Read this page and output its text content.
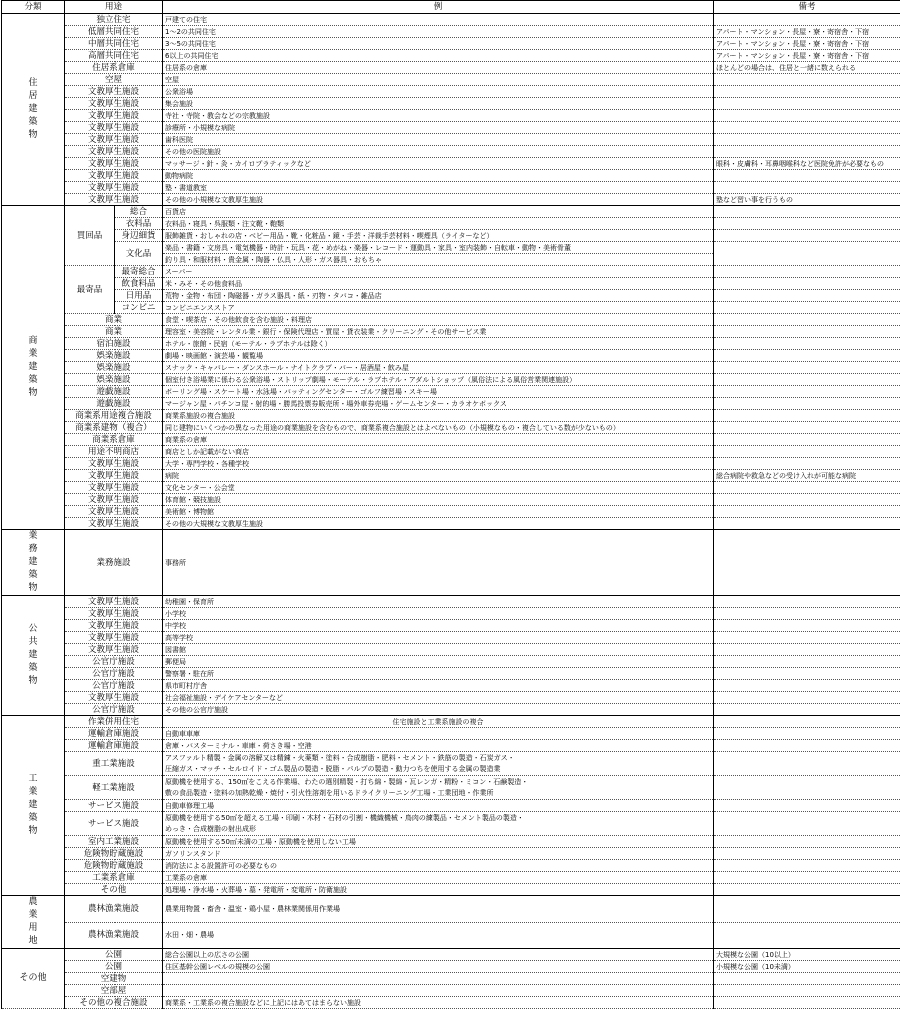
分類	用途		例	備考

住居建築物	独立住宅		戸建ての住宅	

	低層共同住宅		1～2の共同住宅	アパート・マンション・長屋・寮・寄宿舎・下宿
	中層共同住宅		3～5の共同住宅	アパート・マンション・長屋・寮・寄宿舎・下宿
	高層共同住宅		6以上の共同住宅	アパート・マンション・長屋・寮・寄宿舎・下宿
	住居系倉庫		住居系の倉庫	ほとんどの場合は、住居と一緒に数えられる
	空屋		空屋	

	文教厚生施設		公衆浴場	

	文教厚生施設		集会施設	

	文教厚生施設		寺社・寺院・教会などの宗教施設	

	文教厚生施設		診療所・小規模な病院	

	文教厚生施設		歯科医院	

	文教厚生施設		その他の医院施設	

	文教厚生施設		マッサージ・針・灸・カイロプラティックなど	眼科・皮膚科・耳鼻咽喉科など医院免許が必要なもの
	文教厚生施設		動物病院	

	文教厚生施設		塾・書道教室	

	文教厚生施設		その他の小規模な文教厚生施設	塾など習い事を行うもの

商業建築物	買回品	総合	百貨店	
		衣料品	衣料品・寝具・呉服類・注文靴・鞄類	
		身辺細貨	服飾雑貨・おしゃれの店・ベビー用品・靴・化粧品・鏡・手芸・洋裁手芸材料・喫煙具（ライターなど）	
		文化品	楽品・書籍・文房具・電気機器・時計・玩具・花・めがね・楽器・レコード・運動具・家具・室内装飾・自転車・動物・美術骨董	
			釣り具・和服材料・貴金属・陶器・仏具・人形・ガス器具・おもちゃ	
	最寄品	最寄総合	スーパー	
		飲食料品	米・みそ・その他食料品	
		日用品	荒物・金物・布団・陶磁器・ガラス器具・紙・刃物・タバコ・雑品店	
		コンビニ	コンビニエンスストア	
	商業		食堂・喫茶店・その他飲食を含む施設・料理店	

	商業		理容室・美容院・レンタル業・銀行・保険代理店・質屋・貸衣装業・クリーニング・その他サービス業	

	宿泊施設		ホテル・旅館・民宿（モーテル・ラブホテルは除く）	

	娯楽施設		劇場・映画館・演芸場・観覧場	

	娯楽施設		スナック・キャバレー・ダンスホール・ナイトクラブ・バー・居酒屋・飲み屋	

	娯楽施設		個室付き浴場業に係わる公衆浴場・ストリップ劇場・モーテル・ラブホテル・アダルトショップ（風俗法による風俗営業関連施設）	

	遊戯施設		ボーリング場・スケート場・水泳場・バッティングセンター・ゴルフ練習場・スキー場	

	遊戯施設		マージャン屋・パチンコ屋・射的場・勝馬投票券販売所・場外車券売場・ゲームセンター・カラオケボックス	

	商業系用途複合施設		商業系施設の複合施設	

	商業系建物（複合）		同じ建物にいくつかの異なった用途の商業施設を含むもので、商業系複合施設とはよべないもの（小規模なもの・複合している数が少ないもの）	

	商業系倉庫		商業系の倉庫	

	用途不明商店		商店としか記載がない商店	

	文教厚生施設		大学・専門学校・各種学校	

	文教厚生施設		病院	総合病院や救急などの受け入れが可能な病院
	文教厚生施設		文化センター・公会堂	

	文教厚生施設		体育館・競技施設	

	文教厚生施設		美術館・博物館	

	文教厚生施設		その他の大規模な文教厚生施設	

業務建築物	業務施設		事務所	

公共建築物	文教厚生施設		幼稚園・保育所	

	文教厚生施設		小学校	

	文教厚生施設		中学校	

	文教厚生施設		高等学校	

	文教厚生施設		図書館	

	公官庁施設		郵便局	

	公官庁施設		警察署・駐在所	

	公官庁施設		県市町村庁舎	

	文教厚生施設		社会福祉施設・デイケアセンターなど	

	公官庁施設		その他の公官庁施設	

工業建築物	作業併用住宅		住宅施設と工業系施設の複合	

	運輸倉庫施設		自動車車庫	

	運輸倉庫施設		倉庫・バスターミナル・車庫・荷さき場・空港	

	重工業施設		アスファルト精製・金属の溶解又は精錬・火薬類・塗料・合成樹脂・肥料・セメント・鉄筋の製造・石炭ガス・
圧縮ガス・マッチ・セルロイド・ゴム製品の製造・脱脂・パルプの製造・動力つちを使用する金属の製造業	

	軽工業施設		原動機を使用する、150㎡をこえる作業場、わたの選別精製・打ち綿・製綿・瓦レンガ・精粉・ミコン・石鹸製造・
敷の食品製造・塗料の加熱乾燥・焼付・引火性溶剤を用いるドライクリーニング工場・工業団地・作業所	

	サービス施設		自動車修理工場	

	サービス施設		原動機を使用する50㎡を超える工場・印刷・木材・石材の引割・機織機械・鳥肉の練製品・セメント製品の製造・
めっき・合成樹脂の射出成形	

	室内工業施設		原動機を使用する50㎡未満の工場・原動機を使用しない工場	

	危険物貯蔵施設		ガソリンスタンド	

	危険物貯蔵施設		消防法による設置許可の必要なもの	

	工業系倉庫		工業系の倉庫	

	その他		処理場・浄水場・火葬場・墓・発電所・変電所・防衛施設	

農業用地	農林漁業施設		農業用物置・畜舎・温室・鶏小屋・農林業関係用作業場	

	農林漁業施設		水田・畑・農場	

その他	公園		総合公園以上の広さの公園	大規模な公園（10以上）
	公園		住区基幹公園レベルの規模の公園	小規模な公園（10未満）
	空建物		

	空部屋		

	その他の複合施設		商業系・工業系の複合施設などに上記にはあてはまらない施設	
